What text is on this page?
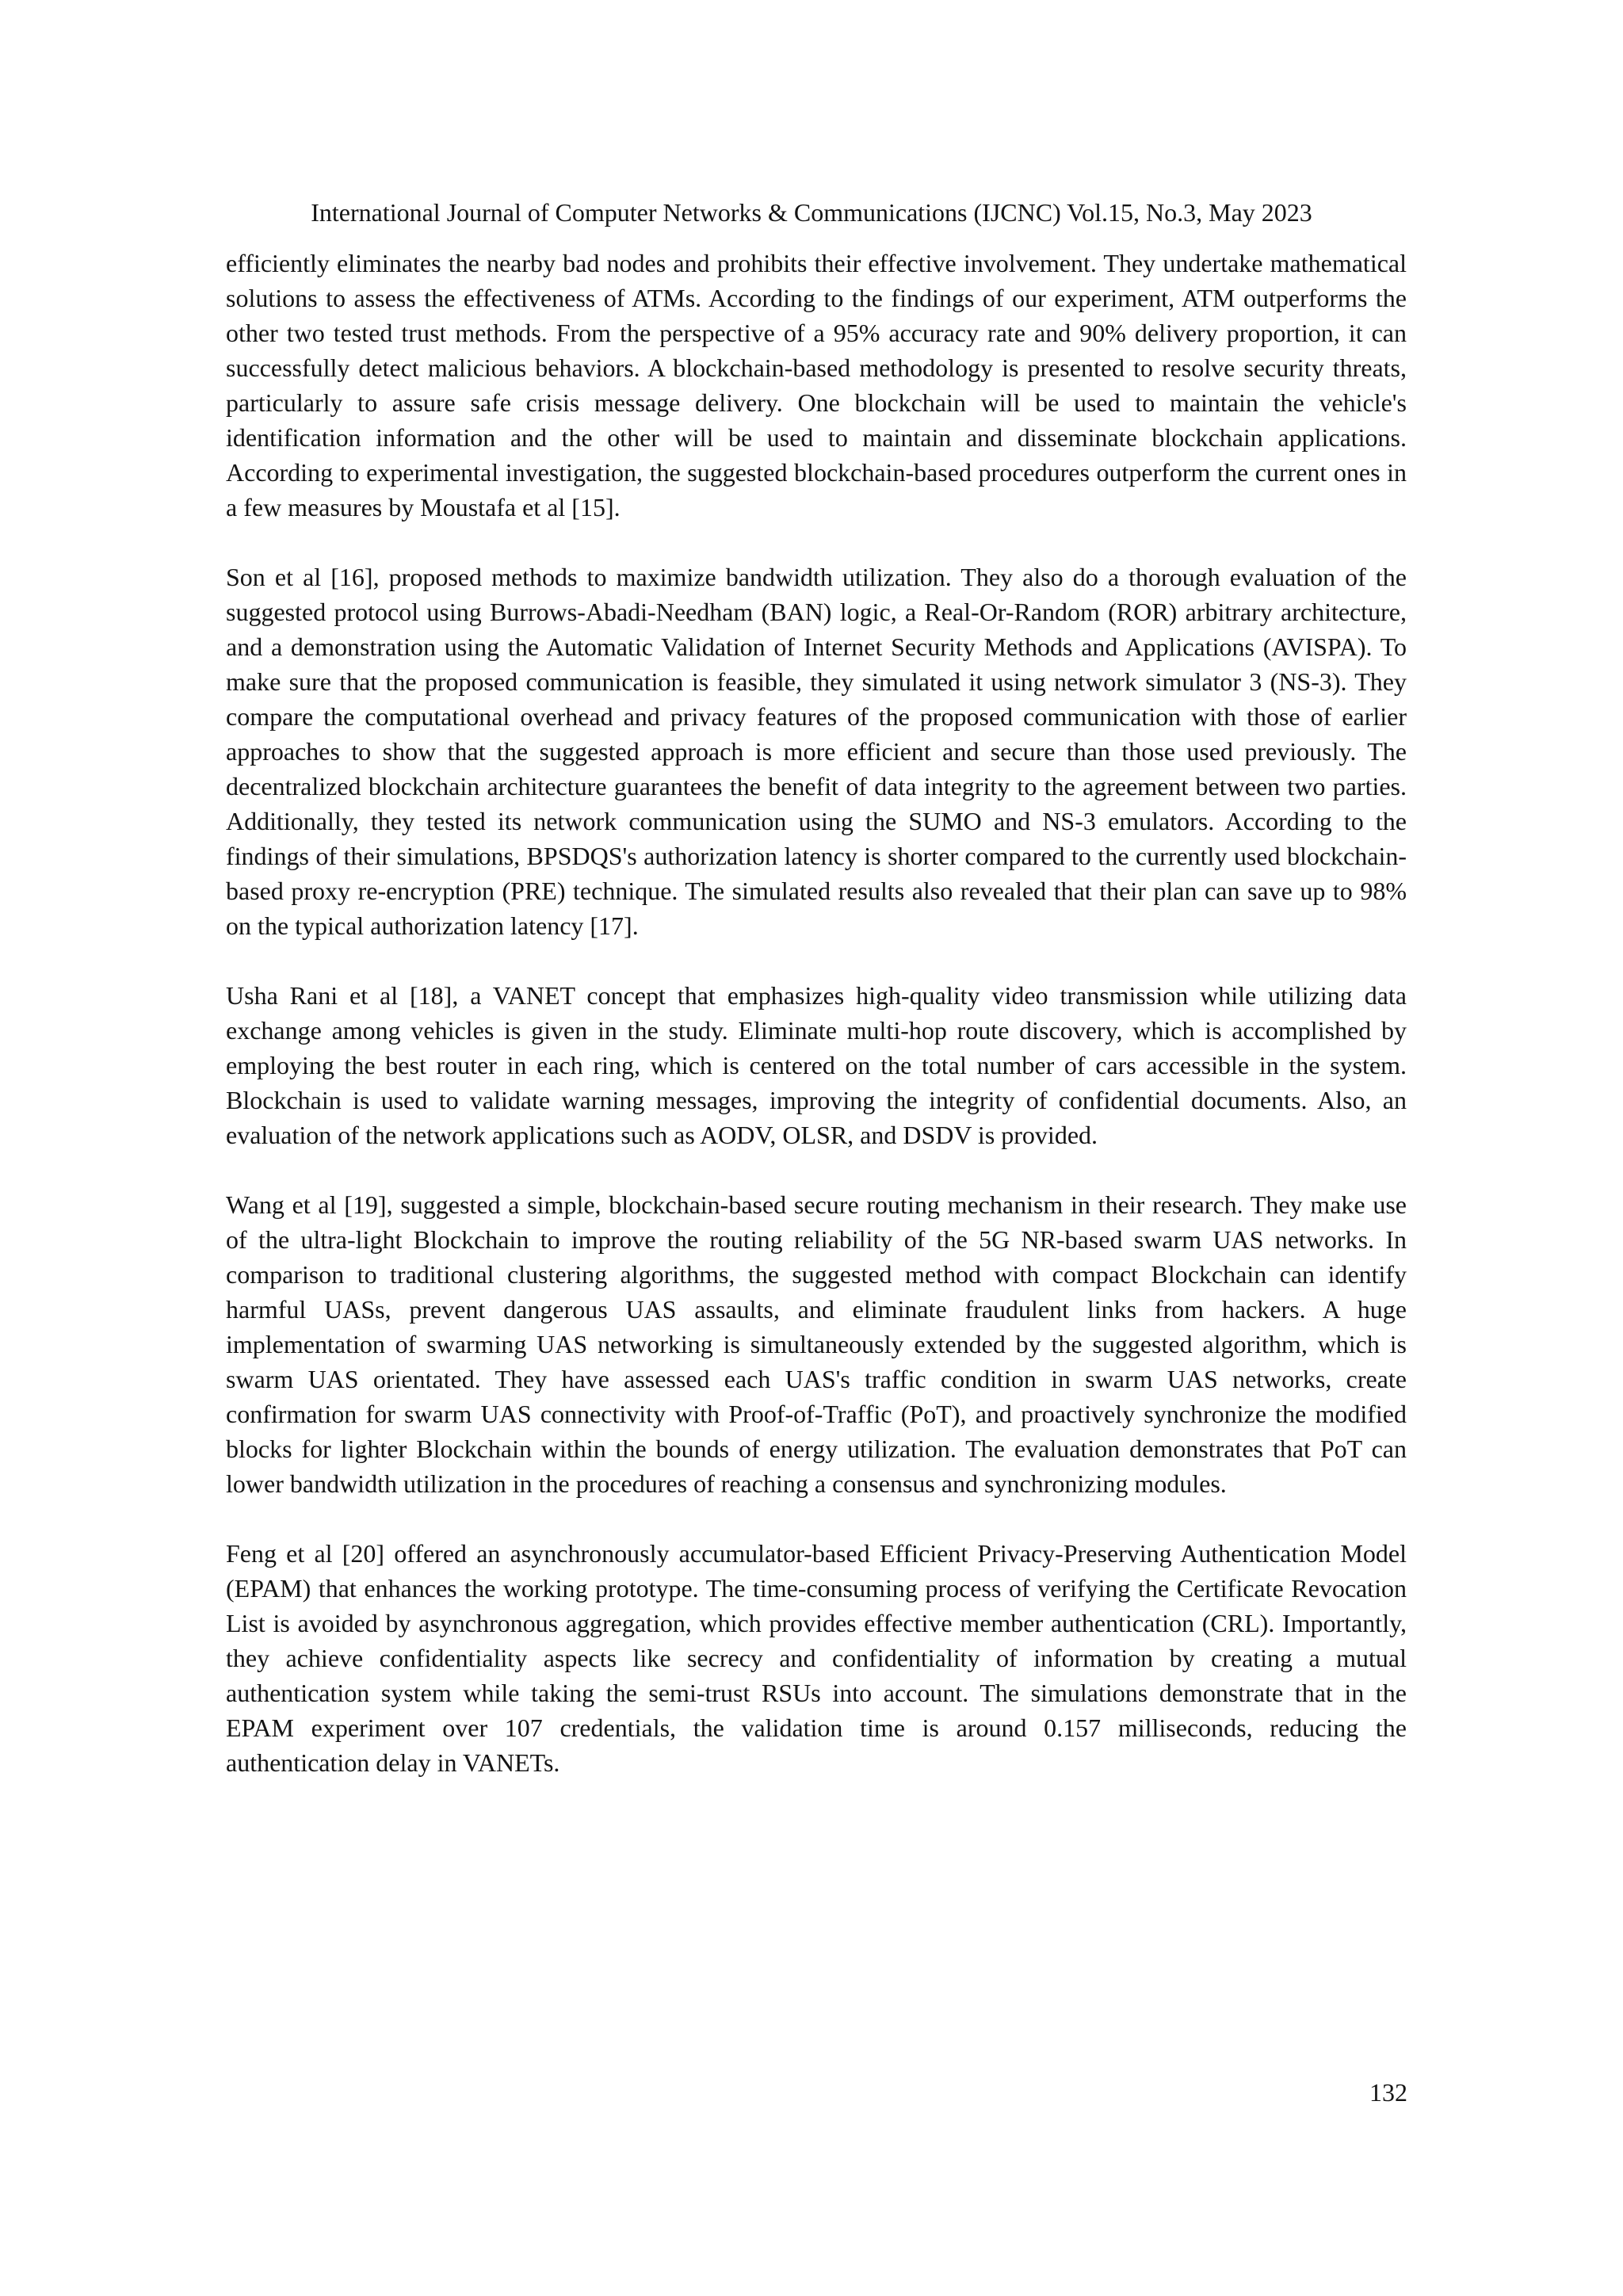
International Journal of Computer Networks & Communications (IJCNC) Vol.15, No.3, May 2023

efficiently eliminates the nearby bad nodes and prohibits their effective involvement. They undertake mathematical solutions to assess the effectiveness of ATMs. According to the findings of our experiment, ATM outperforms the other two tested trust methods. From the perspective of a 95% accuracy rate and 90% delivery proportion, it can successfully detect malicious behaviors. A blockchain-based methodology is presented to resolve security threats, particularly to assure safe crisis message delivery. One blockchain will be used to maintain the vehicle's identification information and the other will be used to maintain and disseminate blockchain applications. According to experimental investigation, the suggested blockchain-based procedures outperform the current ones in a few measures by Moustafa et al [15].

Son et al [16], proposed methods to maximize bandwidth utilization. They also do a thorough evaluation of the suggested protocol using Burrows-Abadi-Needham (BAN) logic, a Real-Or-Random (ROR) arbitrary architecture, and a demonstration using the Automatic Validation of Internet Security Methods and Applications (AVISPA). To make sure that the proposed communication is feasible, they simulated it using network simulator 3 (NS-3). They compare the computational overhead and privacy features of the proposed communication with those of earlier approaches to show that the suggested approach is more efficient and secure than those used previously. The decentralized blockchain architecture guarantees the benefit of data integrity to the agreement between two parties. Additionally, they tested its network communication using the SUMO and NS-3 emulators. According to the findings of their simulations, BPSDQS's authorization latency is shorter compared to the currently used blockchain-based proxy re-encryption (PRE) technique. The simulated results also revealed that their plan can save up to 98% on the typical authorization latency [17].

Usha Rani et al [18], a VANET concept that emphasizes high-quality video transmission while utilizing data exchange among vehicles is given in the study. Eliminate multi-hop route discovery, which is accomplished by employing the best router in each ring, which is centered on the total number of cars accessible in the system. Blockchain is used to validate warning messages, improving the integrity of confidential documents. Also, an evaluation of the network applications such as AODV, OLSR, and DSDV is provided.

Wang et al [19], suggested a simple, blockchain-based secure routing mechanism in their research. They make use of the ultra-light Blockchain to improve the routing reliability of the 5G NR-based swarm UAS networks. In comparison to traditional clustering algorithms, the suggested method with compact Blockchain can identify harmful UASs, prevent dangerous UAS assaults, and eliminate fraudulent links from hackers. A huge implementation of swarming UAS networking is simultaneously extended by the suggested algorithm, which is swarm UAS orientated. They have assessed each UAS's traffic condition in swarm UAS networks, create confirmation for swarm UAS connectivity with Proof-of-Traffic (PoT), and proactively synchronize the modified blocks for lighter Blockchain within the bounds of energy utilization. The evaluation demonstrates that PoT can lower bandwidth utilization in the procedures of reaching a consensus and synchronizing modules.

Feng et al [20] offered an asynchronously accumulator-based Efficient Privacy-Preserving Authentication Model (EPAM) that enhances the working prototype. The time-consuming process of verifying the Certificate Revocation List is avoided by asynchronous aggregation, which provides effective member authentication (CRL). Importantly, they achieve confidentiality aspects like secrecy and confidentiality of information by creating a mutual authentication system while taking the semi-trust RSUs into account. The simulations demonstrate that in the EPAM experiment over 107 credentials, the validation time is around 0.157 milliseconds, reducing the authentication delay in VANETs.

132
